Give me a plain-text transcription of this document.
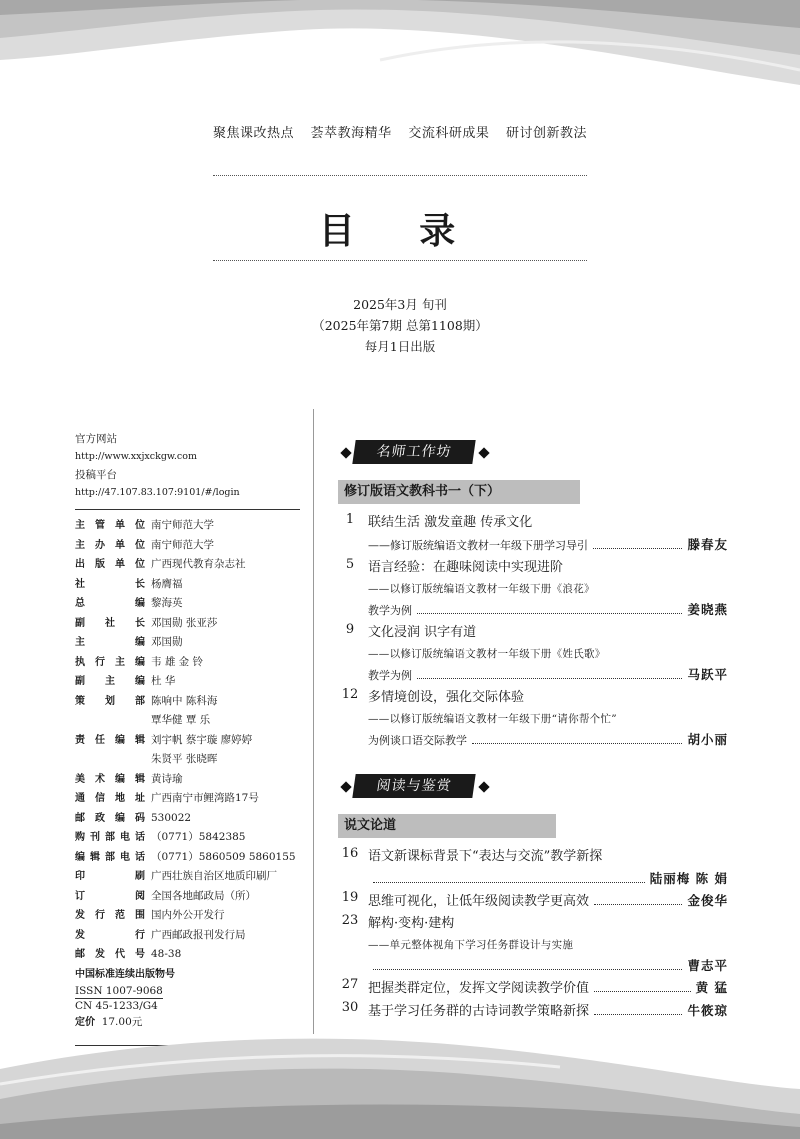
聚焦课改热点 荟萃教海精华 交流科研成果 研讨创新教法
目 录
2025年3月 旬刊
（2025年第7期 总第1108期）
每月1日出版
官方网站
http://www.xxjxckgw.com
投稿平台
http://47.107.83.107:9101/#/login
主管单位 南宁师范大学
主办单位 南宁师范大学
出版单位 广西现代教育杂志社
社长 杨膺福
总编 黎海英
副社长 邓国勋 张亚莎
主编 邓国勋
执行主编 韦 雄 金 铃
副主编 杜 华
策划部 陈响中 陈科海
覃华健 覃 乐
责任编辑 刘宇帆 蔡宇璇 廖婷婷
朱贤平 张晓晖
美术编辑 黄诗瑜
通信地址 广西南宁市鲤湾路17号
邮政编码 530022
购刊部电话 （0771）5842385
编辑部电话 （0771）5860509 5860155
印刷 广西壮族自治区地质印刷厂
订阅 全国各地邮政局（所）
发行范围 国内外公开发行
发行 广西邮政报刊发行局
邮发代号 48-38
中国标准连续出版物号
ISSN 1007-9068
CN 45-1233/G4
定价 17.00元
名师工作坊
修订版语文教科书一（下）
1	联结生活 激发童趣 传承文化
——修订版统编语文教材一年级下册学习导引	滕春友
5	语言经验：在趣味阅读中实现进阶
——以修订版统编语文教材一年级下册《浪花》
教学为例	姜晓燕
9	文化浸润 识字有道
——以修订版统编语文教材一年级下册《姓氏歌》
教学为例	马跃平
12 多情境创设，强化交际体验
——以修订版统编语文教材一年级下册“请你帮个忙”
为例谈口语交际教学	胡小丽
阅读与鉴赏
说文论道
16 语文新课标背景下“表达与交流”教学新探
陆丽梅 陈 娟
19 思维可视化，让低年级阅读教学更高效	金俊华
23 解构·变构·建构
——单元整体视角下学习任务群设计与实施
曹志平
27 把握类群定位，发挥文学阅读教学价值	黄 猛
30 基于学习任务群的古诗词教学策略新探	牛筱琼
